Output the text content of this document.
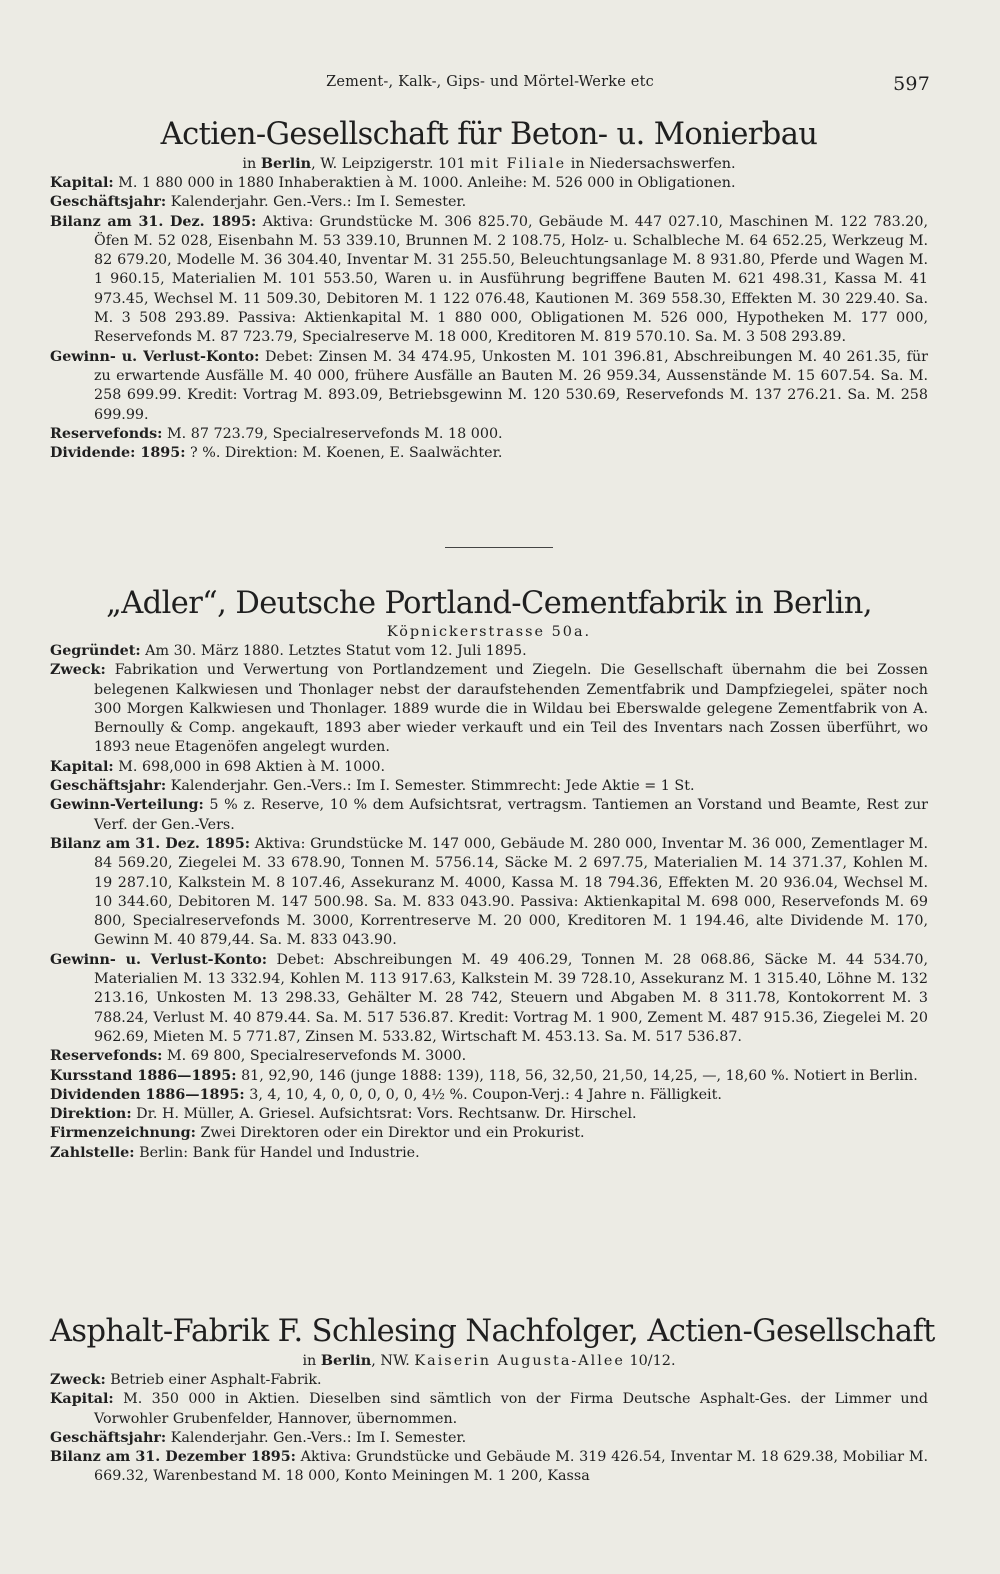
Zement-, Kalk-, Gips- und Mörtel-Werke etc	597
Actien-Gesellschaft für Beton- u. Monierbau
in Berlin, W. Leipzigerstr. 101 mit Filiale in Niedersachswerfen.
Kapital: M. 1 880 000 in 1880 Inhaberaktien à M. 1000. Anleihe: M. 526 000 in Obligationen.
Geschäftsjahr: Kalenderjahr. Gen.-Vers.: Im I. Semester.
Bilanz am 31. Dez. 1895: Aktiva: Grundstücke M. 306 825.70, Gebäude M. 447 027.10, Maschinen M. 122 783.20, Öfen M. 52 028, Eisenbahn M. 53 339.10, Brunnen M. 2 108.75, Holz- u. Schalbleche M. 64 652.25, Werkzeug M. 82 679.20, Modelle M. 36 304.40, Inventar M. 31 255.50, Beleuchtungsanlage M. 8 931.80, Pferde und Wagen M. 1 960.15, Materialien M. 101 553.50, Waren u. in Ausführung begriffene Bauten M. 621 498.31, Kassa M. 41 973.45, Wechsel M. 11 509.30, Debitoren M. 1 122 076.48, Kautionen M. 369 558.30, Effekten M. 30 229.40. Sa. M. 3 508 293.89. Passiva: Aktienkapital M. 1 880 000, Obligationen M. 526 000, Hypotheken M. 177 000, Reservefonds M. 87 723.79, Specialreserve M. 18 000, Kreditoren M. 819 570.10. Sa. M. 3 508 293.89.
Gewinn- u. Verlust-Konto: Debet: Zinsen M. 34 474.95, Unkosten M. 101 396.81, Abschreibungen M. 40 261.35, für zu erwartende Ausfälle M. 40 000, frühere Ausfälle an Bauten M. 26 959.34, Aussenstände M. 15 607.54. Sa. M. 258 699.99. Kredit: Vortrag M. 893.09, Betriebsgewinn M. 120 530.69, Reservefonds M. 137 276.21. Sa. M. 258 699.99.
Reservefonds: M. 87 723.79, Specialreservefonds M. 18 000.
Dividende: 1895: ? %. Direktion: M. Koenen, E. Saalwächter.
„Adler“, Deutsche Portland-Cementfabrik in Berlin,
Köpnickerstrasse 50a.
Gegründet: Am 30. März 1880. Letztes Statut vom 12. Juli 1895.
Zweck: Fabrikation und Verwertung von Portlandzement und Ziegeln. Die Gesellschaft übernahm die bei Zossen belegenen Kalkwiesen und Thonlager nebst der daraufstehenden Zementfabrik und Dampfziegelei, später noch 300 Morgen Kalkwiesen und Thonlager. 1889 wurde die in Wildau bei Eberswalde gelegene Zementfabrik von A. Bernoully & Comp. angekauft, 1893 aber wieder verkauft und ein Teil des Inventars nach Zossen überführt, wo 1893 neue Etagenöfen angelegt wurden.
Kapital: M. 698,000 in 698 Aktien à M. 1000.
Geschäftsjahr: Kalenderjahr. Gen.-Vers.: Im I. Semester. Stimmrecht: Jede Aktie = 1 St.
Gewinn-Verteilung: 5 % z. Reserve, 10 % dem Aufsichtsrat, vertragsm. Tantiemen an Vorstand und Beamte, Rest zur Verf. der Gen.-Vers.
Bilanz am 31. Dez. 1895: Aktiva: Grundstücke M. 147 000, Gebäude M. 280 000, Inventar M. 36 000, Zementlager M. 84 569.20, Ziegelei M. 33 678.90, Tonnen M. 5756.14, Säcke M. 2 697.75, Materialien M. 14 371.37, Kohlen M. 19 287.10, Kalkstein M. 8 107.46, Assekuranz M. 4000, Kassa M. 18 794.36, Effekten M. 20 936.04, Wechsel M. 10 344.60, Debitoren M. 147 500.98. Sa. M. 833 043.90. Passiva: Aktienkapital M. 698 000, Reservefonds M. 69 800, Specialreservefonds M. 3000, Korrentreserve M. 20 000, Kreditoren M. 1 194.46, alte Dividende M. 170, Gewinn M. 40 879,44. Sa. M. 833 043.90.
Gewinn- u. Verlust-Konto: Debet: Abschreibungen M. 49 406.29, Tonnen M. 28 068.86, Säcke M. 44 534.70, Materialien M. 13 332.94, Kohlen M. 113 917.63, Kalkstein M. 39 728.10, Assekuranz M. 1 315.40, Löhne M. 132 213.16, Unkosten M. 13 298.33, Gehälter M. 28 742, Steuern und Abgaben M. 8 311.78, Kontokorrent M. 3 788.24, Verlust M. 40 879.44. Sa. M. 517 536.87. Kredit: Vortrag M. 1 900, Zement M. 487 915.36, Ziegelei M. 20 962.69, Mieten M. 5 771.87, Zinsen M. 533.82, Wirtschaft M. 453.13. Sa. M. 517 536.87.
Reservefonds: M. 69 800, Specialreservefonds M. 3000.
Kursstand 1886—1895: 81, 92,90, 146 (junge 1888: 139), 118, 56, 32,50, 21,50, 14,25, —, 18,60 %. Notiert in Berlin.
Dividenden 1886—1895: 3, 4, 10, 4, 0, 0, 0, 0, 0, 4½ %. Coupon-Verj.: 4 Jahre n. Fälligkeit.
Direktion: Dr. H. Müller, A. Griesel. Aufsichtsrat: Vors. Rechtsanw. Dr. Hirschel.
Firmenzeichnung: Zwei Direktoren oder ein Direktor und ein Prokurist.
Zahlstelle: Berlin: Bank für Handel und Industrie.
Asphalt-Fabrik F. Schlesing Nachfolger, Actien-Gesellschaft
in Berlin, NW. Kaiserin Augusta-Allee 10/12.
Zweck: Betrieb einer Asphalt-Fabrik.
Kapital: M. 350 000 in Aktien. Dieselben sind sämtlich von der Firma Deutsche Asphalt-Ges. der Limmer und Vorwohler Grubenfelder, Hannover, übernommen.
Geschäftsjahr: Kalenderjahr. Gen.-Vers.: Im I. Semester.
Bilanz am 31. Dezember 1895: Aktiva: Grundstücke und Gebäude M. 319 426.54, Inventar M. 18 629.38, Mobiliar M. 669.32, Warenbestand M. 18 000, Konto Meiningen M. 1 200, Kassa
